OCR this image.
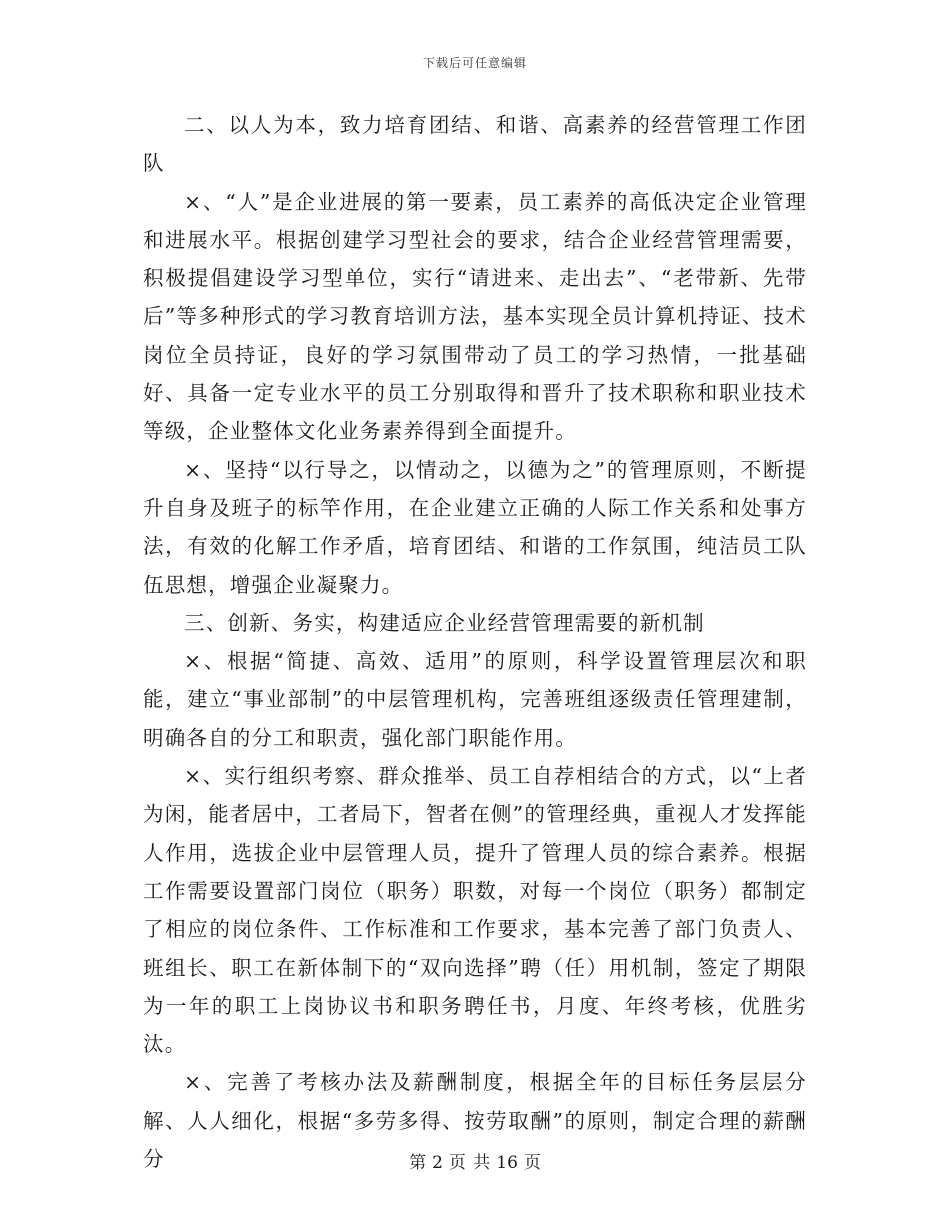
下载后可任意编辑

二、以人为本，致力培育团结、和谐、高素养的经营管理工作团队

×、“人”是企业进展的第一要素，员工素养的高低决定企业管理和进展水平。根据创建学习型社会的要求，结合企业经营管理需要，积极提倡建设学习型单位，实行“请进来、走出去”、“老带新、先带后”等多种形式的学习教育培训方法，基本实现全员计算机持证、技术岗位全员持证，良好的学习氛围带动了员工的学习热情，一批基础好、具备一定专业水平的员工分别取得和晋升了技术职称和职业技术等级，企业整体文化业务素养得到全面提升。

×、坚持“以行导之，以情动之，以德为之”的管理原则，不断提升自身及班子的标竿作用，在企业建立正确的人际工作关系和处事方法，有效的化解工作矛盾，培育团结、和谐的工作氛围，纯洁员工队伍思想，增强企业凝聚力。

三、创新、务实，构建适应企业经营管理需要的新机制

×、根据“简捷、高效、适用”的原则，科学设置管理层次和职能，建立“事业部制”的中层管理机构，完善班组逐级责任管理建制，明确各自的分工和职责，强化部门职能作用。

×、实行组织考察、群众推举、员工自荐相结合的方式，以“上者为闲，能者居中，工者局下，智者在侧”的管理经典，重视人才发挥能人作用，选拔企业中层管理人员，提升了管理人员的综合素养。根据工作需要设置部门岗位（职务）职数，对每一个岗位（职务）都制定了相应的岗位条件、工作标准和工作要求，基本完善了部门负责人、班组长、职工在新体制下的“双向选择”聘（任）用机制，签定了期限为一年的职工上岗协议书和职务聘任书，月度、年终考核，优胜劣汰。

×、完善了考核办法及薪酬制度，根据全年的目标任务层层分解、人人细化，根据“多劳多得、按劳取酬”的原则，制定合理的薪酬分	第 2 页 共 16 页
